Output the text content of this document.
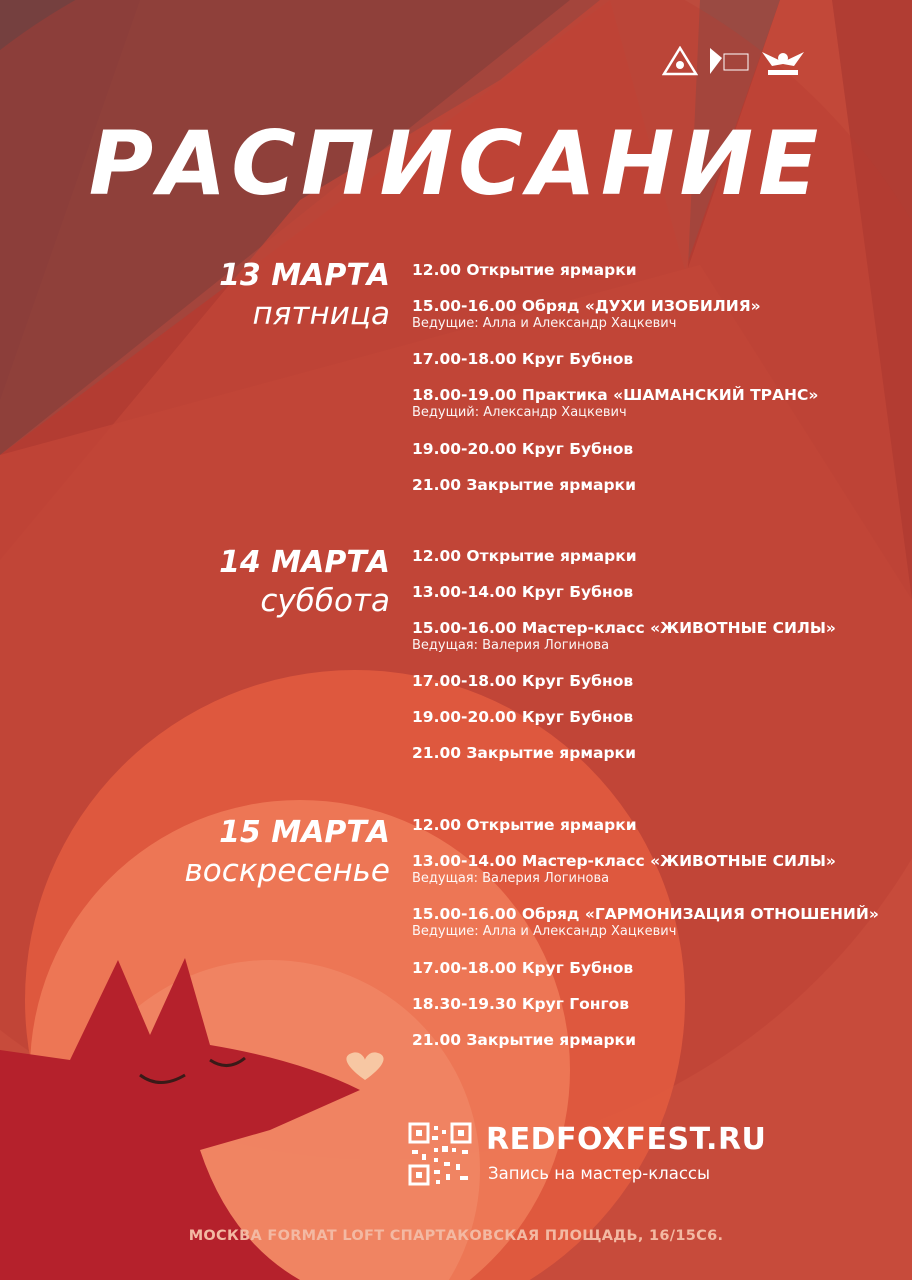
РАСПИСАНИЕ
13 МАРТА
пятница
12.00 Открытие ярмарки
15.00-16.00 Обряд «ДУХИ ИЗОБИЛИЯ»
Ведущие: Алла и Александр Хацкевич
17.00-18.00 Круг Бубнов
18.00-19.00 Практика «ШАМАНСКИЙ ТРАНС»
Ведущий: Александр Хацкевич
19.00-20.00 Круг Бубнов
21.00 Закрытие ярмарки
14 МАРТА
суббота
12.00 Открытие ярмарки
13.00-14.00 Круг Бубнов
15.00-16.00 Мастер-класс «ЖИВОТНЫЕ СИЛЫ»
Ведущая: Валерия Логинова
17.00-18.00 Круг Бубнов
19.00-20.00 Круг Бубнов
21.00 Закрытие ярмарки
15 МАРТА
воскресенье
12.00 Открытие ярмарки
13.00-14.00 Мастер-класс «ЖИВОТНЫЕ СИЛЫ»
Ведущая: Валерия Логинова
15.00-16.00 Обряд «ГАРМОНИЗАЦИЯ ОТНОШЕНИЙ»
Ведущие: Алла и Александр Хацкевич
17.00-18.00 Круг Бубнов
18.30-19.30 Круг Гонгов
21.00 Закрытие ярмарки
REDFOXFEST.RU
Запись на мастер-классы
МОСКВА FORMAT LOFT СПАРТАКОВСКАЯ ПЛОЩАДЬ, 16/15С6.
